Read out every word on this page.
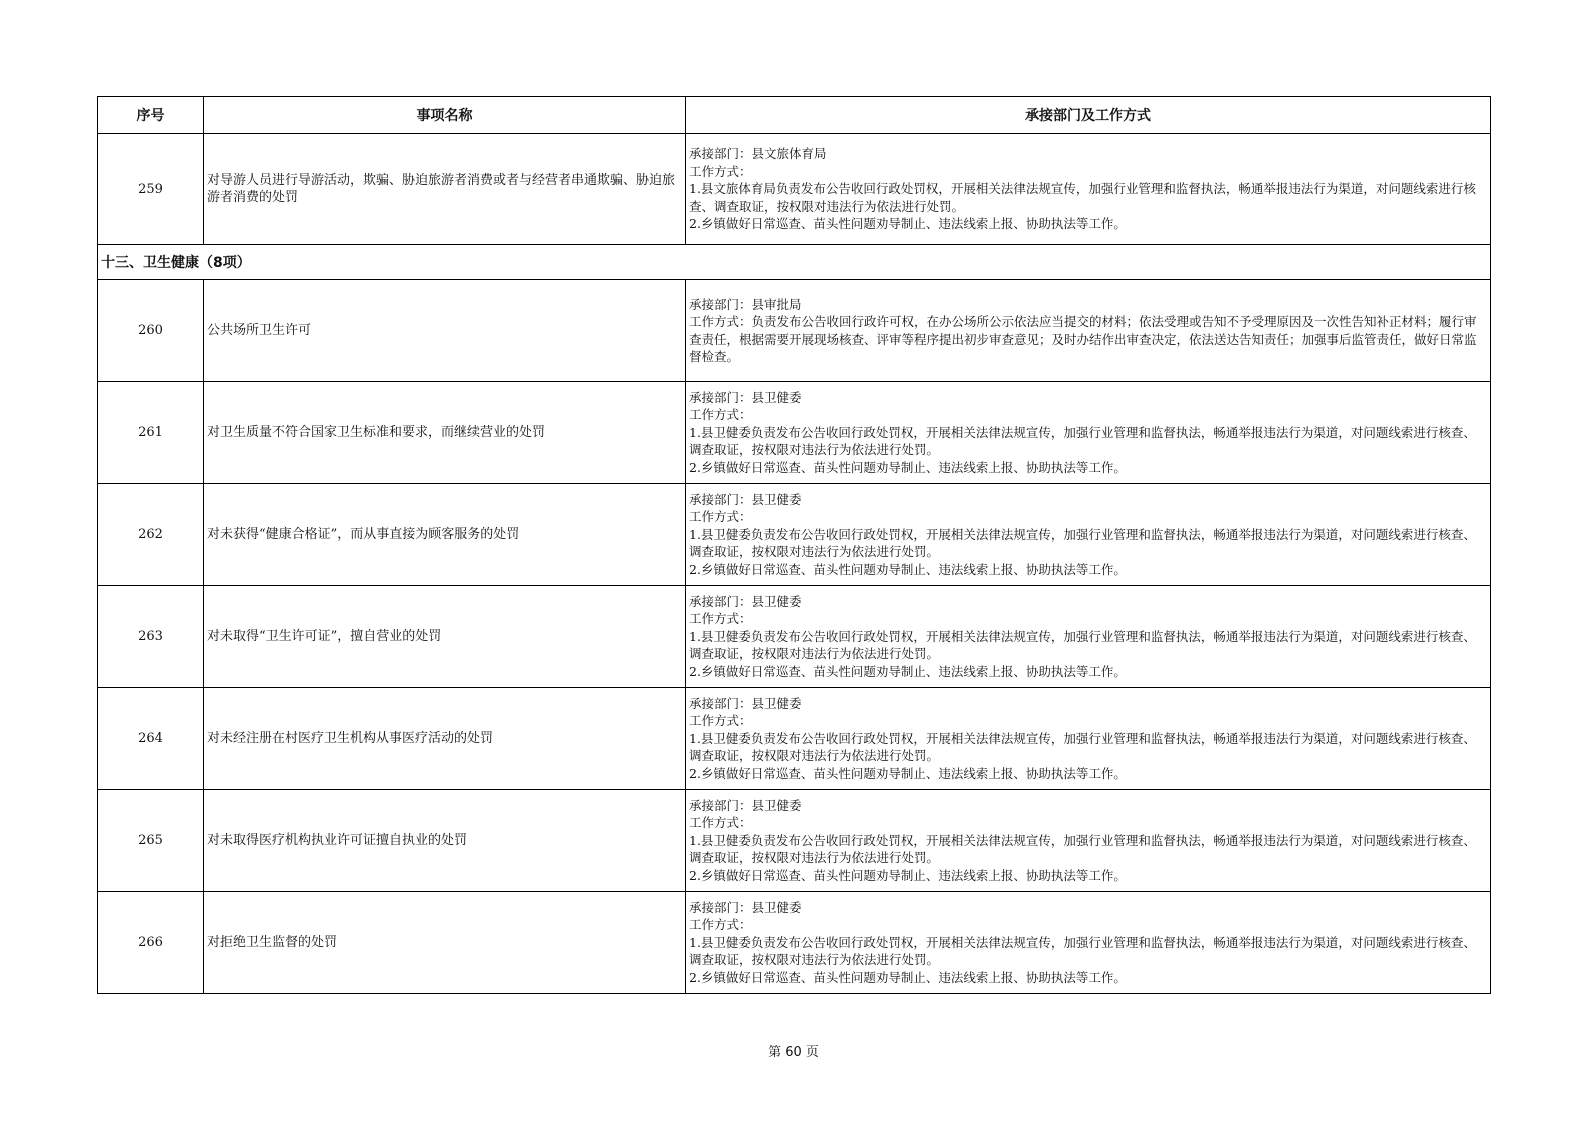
序号	事项名称	承接部门及工作方式
259	对导游人员进行导游活动，欺骗、胁迫旅游者消费或者与经营者串通欺骗、胁迫旅游者消费的处罚	承接部门：县文旅体育局
工作方式：
1.县文旅体育局负责发布公告收回行政处罚权，开展相关法律法规宣传，加强行业管理和监督执法，畅通举报违法行为渠道，对问题线索进行核查、调查取证，按权限对违法行为依法进行处罚。
2.乡镇做好日常巡查、苗头性问题劝导制止、违法线索上报、协助执法等工作。

十三、卫生健康（8项）		
260	公共场所卫生许可	承接部门：县审批局
工作方式：负责发布公告收回行政许可权，在办公场所公示依法应当提交的材料；依法受理或告知不予受理原因及一次性告知补正材料；履行审查责任，根据需要开展现场核查、评审等程序提出初步审查意见；及时办结作出审查决定，依法送达告知责任；加强事后监管责任，做好日常监督检查。

261	对卫生质量不符合国家卫生标准和要求，而继续营业的处罚	承接部门：县卫健委
工作方式：
1.县卫健委负责发布公告收回行政处罚权，开展相关法律法规宣传，加强行业管理和监督执法，畅通举报违法行为渠道，对问题线索进行核查、调查取证，按权限对违法行为依法进行处罚。
2.乡镇做好日常巡查、苗头性问题劝导制止、违法线索上报、协助执法等工作。

262	对未获得“健康合格证”，而从事直接为顾客服务的处罚	承接部门：县卫健委
工作方式：
1.县卫健委负责发布公告收回行政处罚权，开展相关法律法规宣传，加强行业管理和监督执法，畅通举报违法行为渠道，对问题线索进行核查、调查取证，按权限对违法行为依法进行处罚。
2.乡镇做好日常巡查、苗头性问题劝导制止、违法线索上报、协助执法等工作。

263	对未取得“卫生许可证”，擅自营业的处罚	承接部门：县卫健委
工作方式：
1.县卫健委负责发布公告收回行政处罚权，开展相关法律法规宣传，加强行业管理和监督执法，畅通举报违法行为渠道，对问题线索进行核查、调查取证，按权限对违法行为依法进行处罚。
2.乡镇做好日常巡查、苗头性问题劝导制止、违法线索上报、协助执法等工作。

264	对未经注册在村医疗卫生机构从事医疗活动的处罚	承接部门：县卫健委
工作方式：
1.县卫健委负责发布公告收回行政处罚权，开展相关法律法规宣传，加强行业管理和监督执法，畅通举报违法行为渠道，对问题线索进行核查、调查取证，按权限对违法行为依法进行处罚。
2.乡镇做好日常巡查、苗头性问题劝导制止、违法线索上报、协助执法等工作。

265	对未取得医疗机构执业许可证擅自执业的处罚	承接部门：县卫健委
工作方式：
1.县卫健委负责发布公告收回行政处罚权，开展相关法律法规宣传，加强行业管理和监督执法，畅通举报违法行为渠道，对问题线索进行核查、调查取证，按权限对违法行为依法进行处罚。
2.乡镇做好日常巡查、苗头性问题劝导制止、违法线索上报、协助执法等工作。

266	对拒绝卫生监督的处罚	承接部门：县卫健委
工作方式：
1.县卫健委负责发布公告收回行政处罚权，开展相关法律法规宣传，加强行业管理和监督执法，畅通举报违法行为渠道，对问题线索进行核查、调查取证，按权限对违法行为依法进行处罚。
2.乡镇做好日常巡查、苗头性问题劝导制止、违法线索上报、协助执法等工作。
第 60 页
